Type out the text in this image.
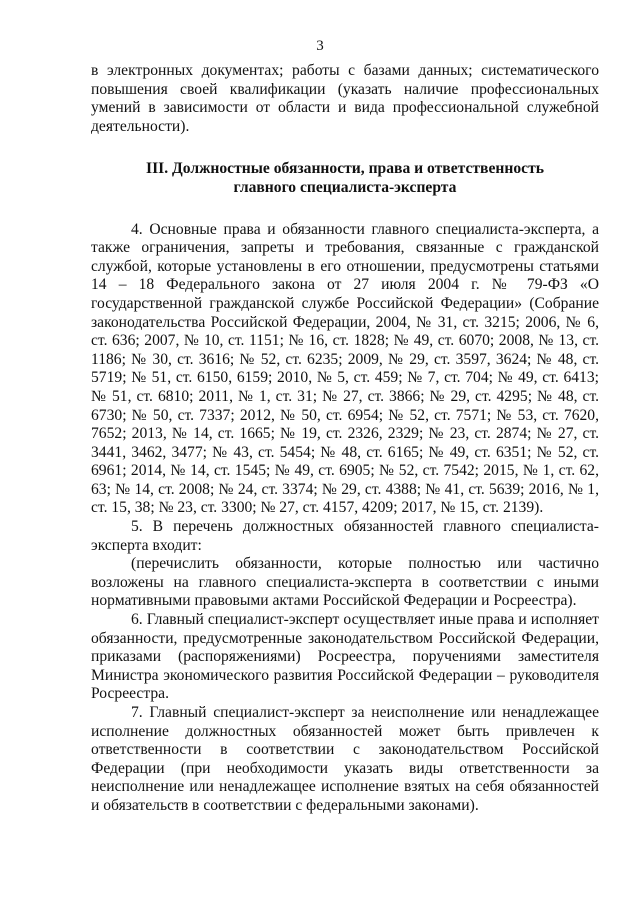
3

в электронных документах; работы с базами данных; систематического повышения своей квалификации (указать наличие профессиональных умений в зависимости от области и вида профессиональной служебной деятельности).

III. Должностные обязанности, права и ответственность
главного специалиста-эксперта

4. Основные права и обязанности главного специалиста-эксперта, а также ограничения, запреты и требования, связанные с гражданской службой, которые установлены в его отношении, предусмотрены статьями 14 – 18 Федерального закона от 27 июля 2004 г. № 79-ФЗ «О государственной гражданской службе Российской Федерации» (Собрание законодательства Российской Федерации, 2004, № 31, ст. 3215; 2006, № 6, ст. 636; 2007, № 10, ст. 1151; № 16, ст. 1828; № 49, ст. 6070; 2008, № 13, ст. 1186; № 30, ст. 3616; № 52, ст. 6235; 2009, № 29, ст. 3597, 3624; № 48, ст. 5719; № 51, ст. 6150, 6159; 2010, № 5, ст. 459; № 7, ст. 704; № 49, ст. 6413; № 51, ст. 6810; 2011, № 1, ст. 31; № 27, ст. 3866; № 29, ст. 4295; № 48, ст. 6730; № 50, ст. 7337; 2012, № 50, ст. 6954; № 52, ст. 7571; № 53, ст. 7620, 7652; 2013, № 14, ст. 1665; № 19, ст. 2326, 2329; № 23, ст. 2874; № 27, ст. 3441, 3462, 3477; № 43, ст. 5454; № 48, ст. 6165; № 49, ст. 6351; № 52, ст. 6961; 2014, № 14, ст. 1545; № 49, ст. 6905; № 52, ст. 7542; 2015, № 1, ст. 62, 63; № 14, ст. 2008; № 24, ст. 3374; № 29, ст. 4388; № 41, ст. 5639; 2016, № 1, ст. 15, 38; № 23, ст. 3300; № 27, ст. 4157, 4209; 2017, № 15, ст. 2139).

5. В перечень должностных обязанностей главного специалиста-эксперта входит:

(перечислить обязанности, которые полностью или частично возложены на главного специалиста-эксперта в соответствии с иными нормативными правовыми актами Российской Федерации и Росреестра).

6. Главный специалист-эксперт осуществляет иные права и исполняет обязанности, предусмотренные законодательством Российской Федерации, приказами (распоряжениями) Росреестра, поручениями заместителя Министра экономического развития Российской Федерации – руководителя Росреестра.

7. Главный специалист-эксперт за неисполнение или ненадлежащее исполнение должностных обязанностей может быть привлечен к ответственности в соответствии с законодательством Российской Федерации (при необходимости указать виды ответственности за неисполнение или ненадлежащее исполнение взятых на себя обязанностей и обязательств в соответствии с федеральными законами).
